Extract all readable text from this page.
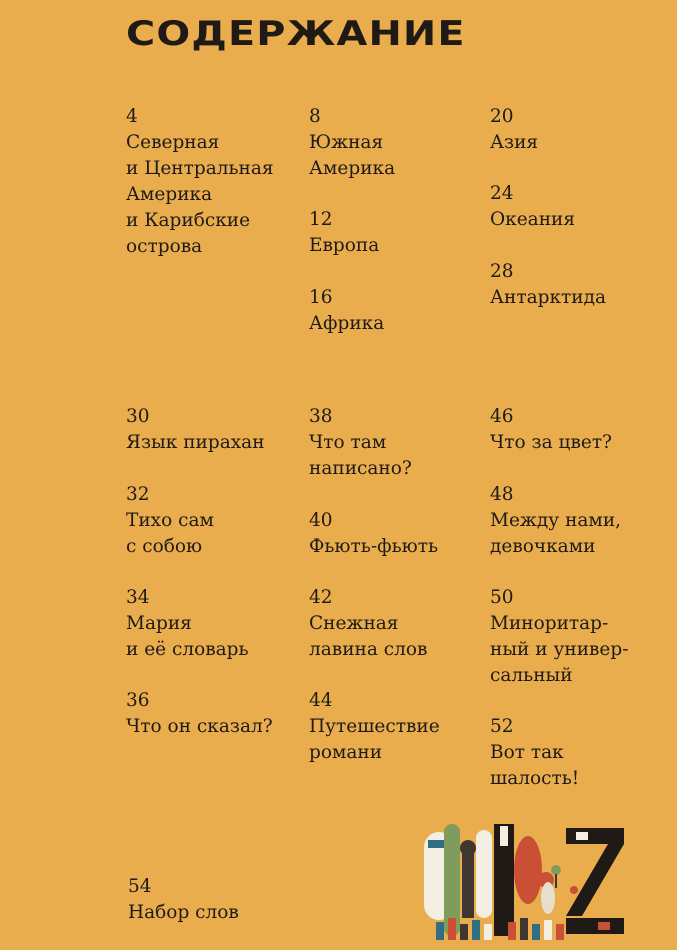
СОДЕРЖАНИЕ
4
Северная
и Центральная
Америка
и Карибские
острова
8
Южная
Америка
12
Европа
16
Африка
20
Азия
24
Океания
28
Антарктида
30
Язык пирахан
32
Тихо сам
с собою
34
Мария
и её словарь
36
Что он сказал?
38
Что там
написано?
40
Фьють-фьють
42
Снежная
лавина слов
44
Путешествие
романи
46
Что за цвет?
48
Между нами,
девочками
50
Миноритар-
ный и универ-
сальный
52
Вот так
шалость!
54
Набор слов
